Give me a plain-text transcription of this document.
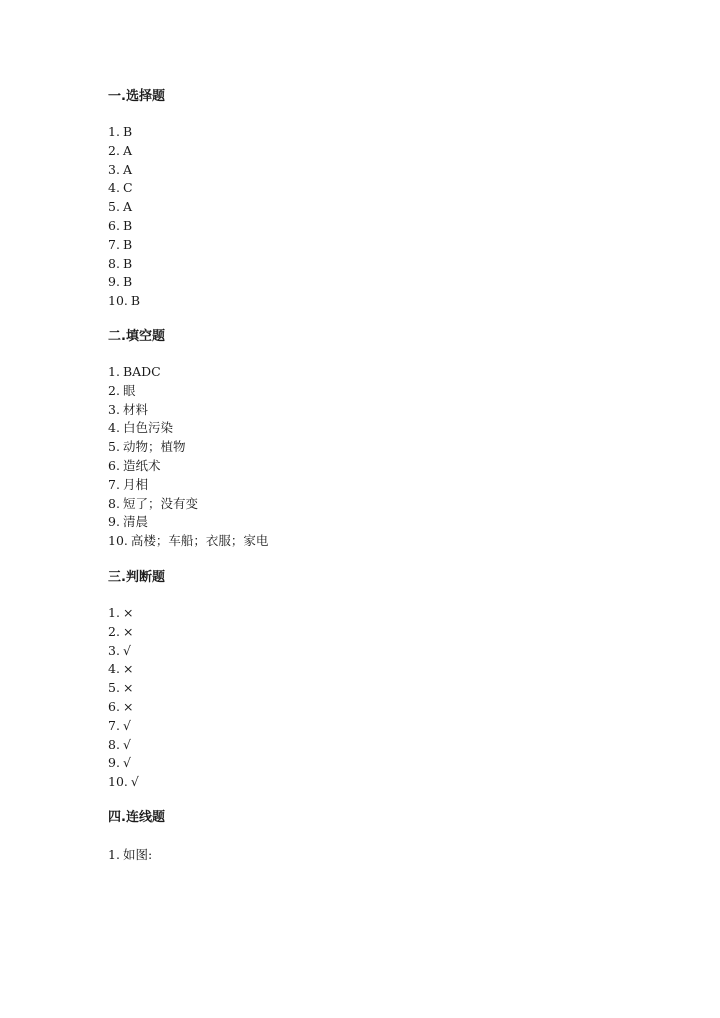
一.选择题
1. B
2. A
3. A
4. C
5. A
6. B
7. B
8. B
9. B
10. B
二.填空题
1. BADC
2. 眼
3. 材料
4. 白色污染
5. 动物；植物
6. 造纸术
7. 月相
8. 短了；没有变
9. 清晨
10. 高楼；车船；衣服；家电
三.判断题
1. ×
2. ×
3. √
4. ×
5. ×
6. ×
7. √
8. √
9. √
10. √
四.连线题
1. 如图:
